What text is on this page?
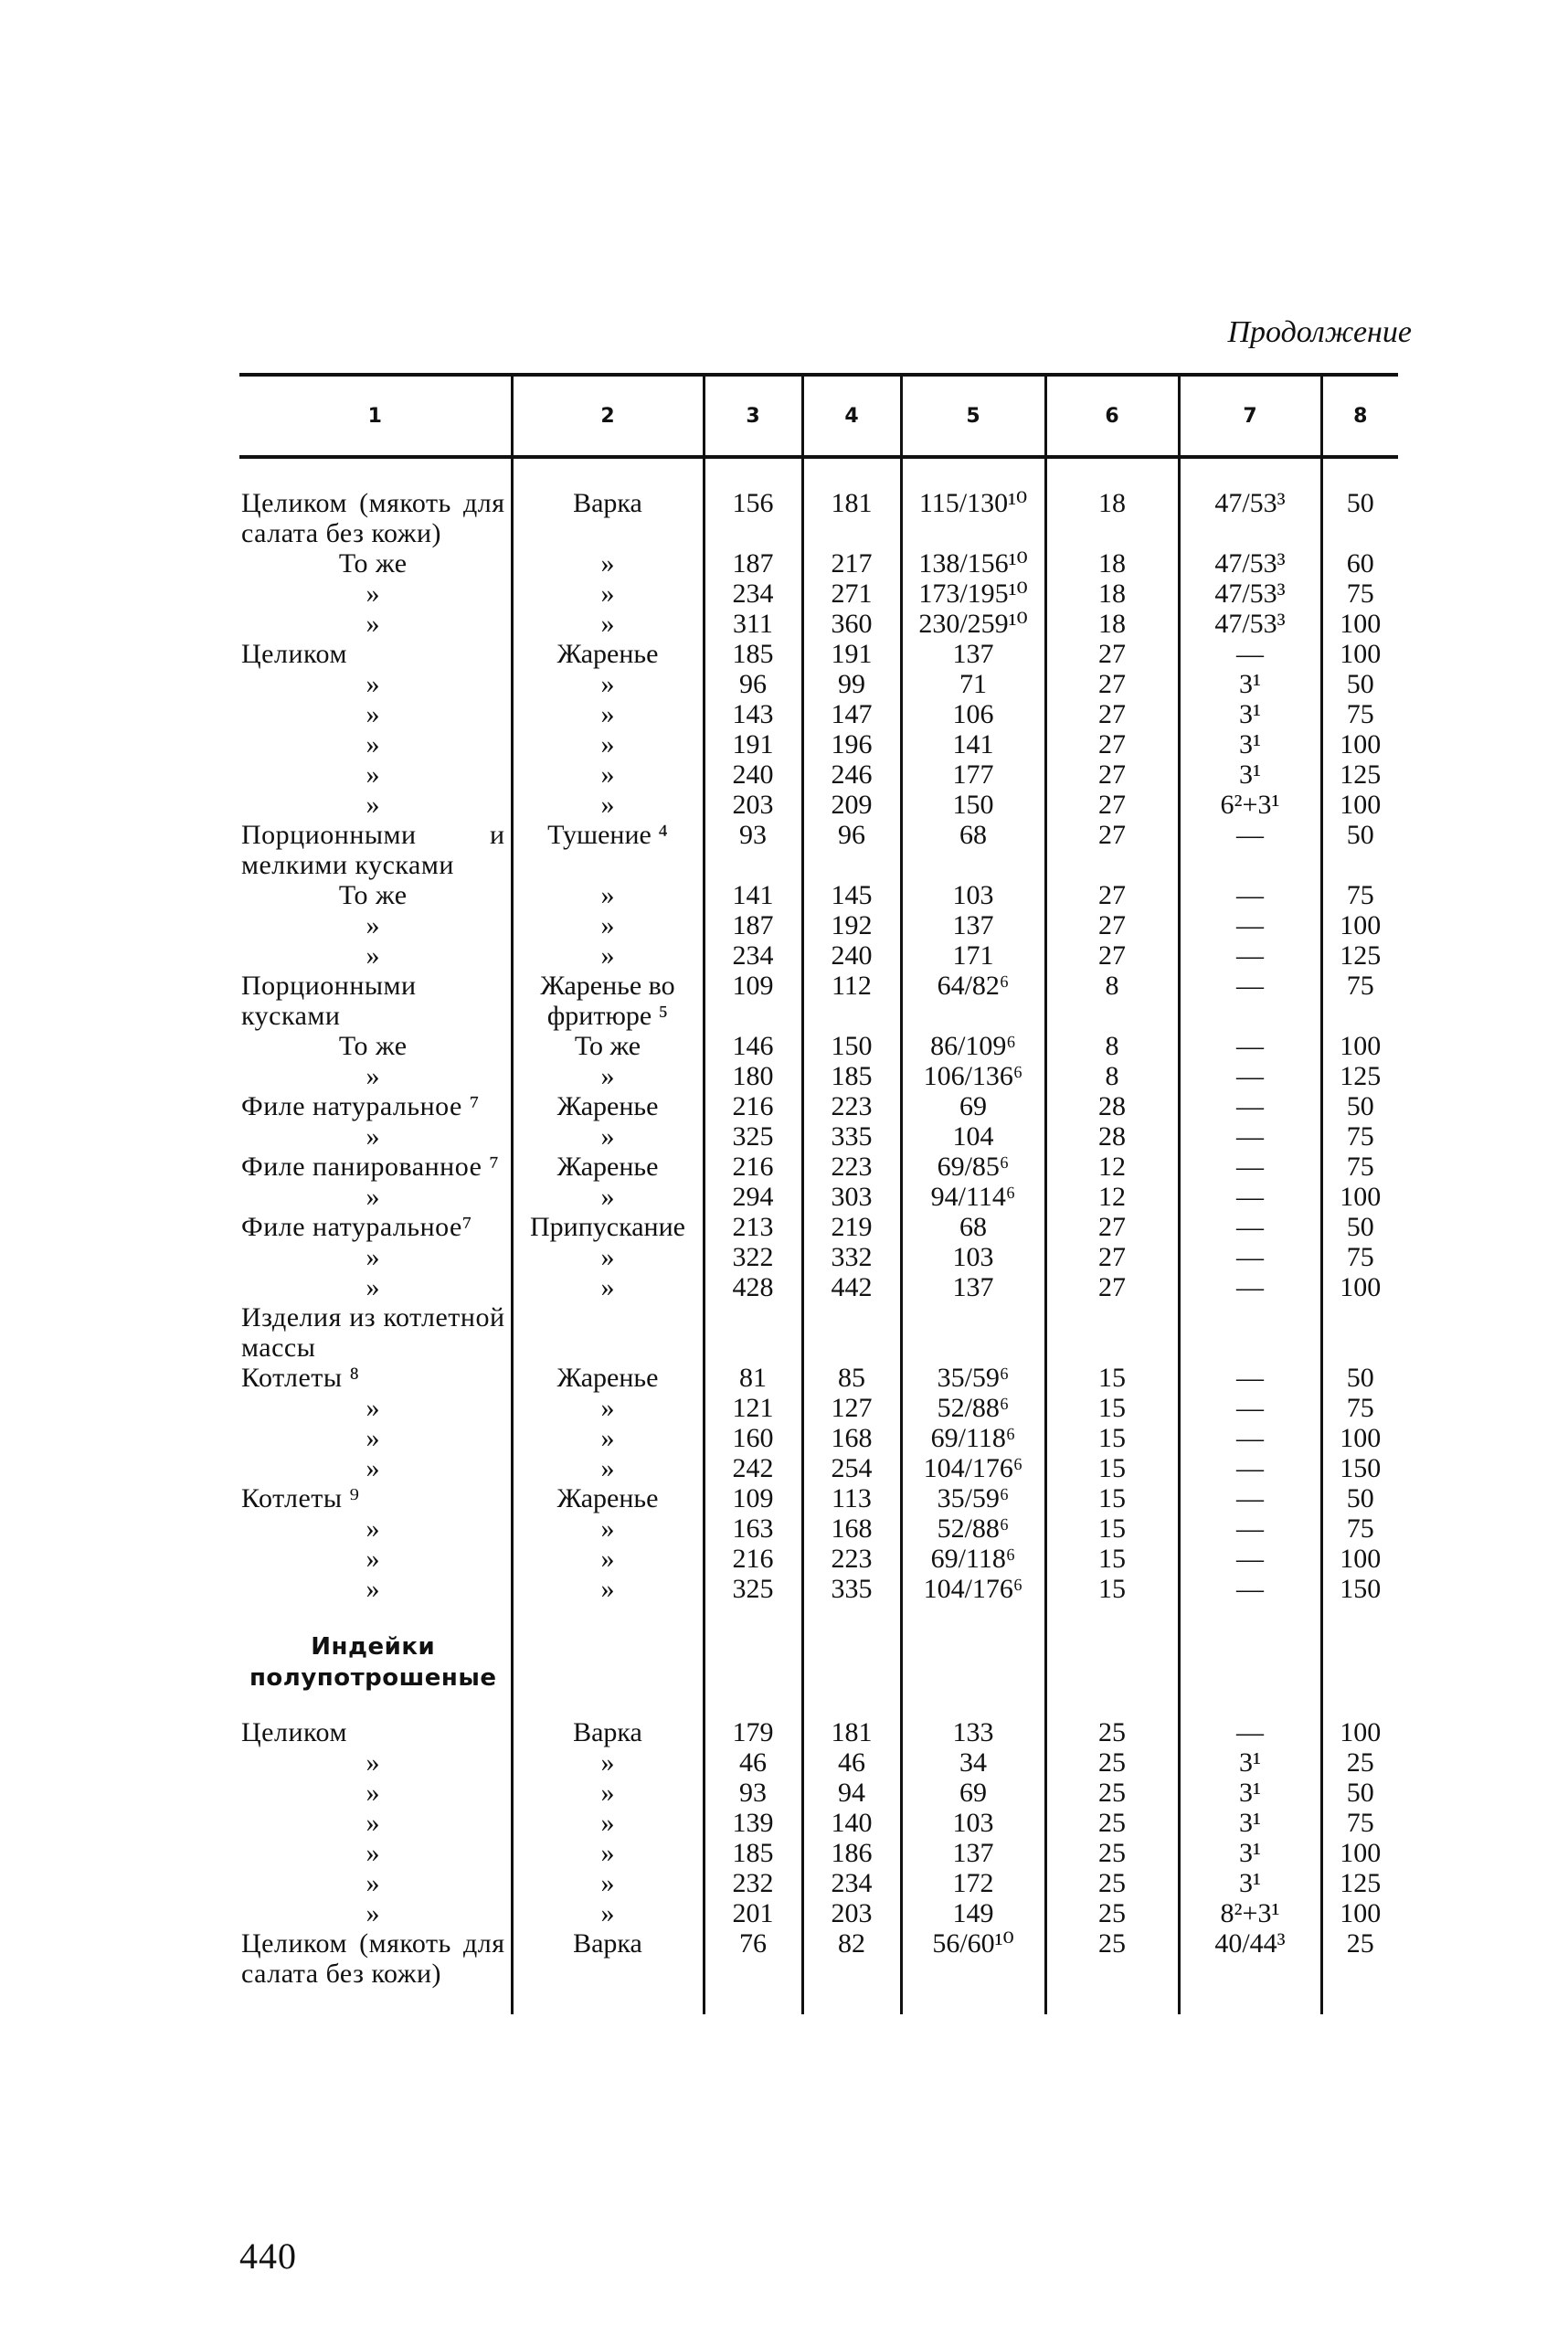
Продолжение
1	2	3	4	5	6	7	8
Целиком (мякоть для салата без кожи)	Варка	156	181	115/130¹⁰	18	47/53³	50
То же	»	187	217	138/156¹⁰	18	47/53³	60
»	»	234	271	173/195¹⁰	18	47/53³	75
»	»	311	360	230/259¹⁰	18	47/53³	100
Целиком	Жаренье	185	191	137	27	—	100
»	»	96	99	71	27	3¹	50
»	»	143	147	106	27	3¹	75
»	»	191	196	141	27	3¹	100
»	»	240	246	177	27	3¹	125
»	»	203	209	150	27	6²+3¹	100
Порционными и мелкими кусками	Тушение ⁴	93	96	68	27	—	50
То же	»	141	145	103	27	—	75
»	»	187	192	137	27	—	100
»	»	234	240	171	27	—	125
Порционными кусками	Жаренье во фритюре ⁵	109	112	64/82⁶	8	—	75
То же	То же	146	150	86/109⁶	8	—	100
»	»	180	185	106/136⁶	8	—	125
Филе натуральное ⁷	Жаренье	216	223	69	28	—	50
»	»	325	335	104	28	—	75
Филе панированное ⁷	Жаренье	216	223	69/85⁶	12	—	75
»	»	294	303	94/114⁶	12	—	100
Филе натуральное⁷	Припускание	213	219	68	27	—	50
»	»	322	332	103	27	—	75
»	»	428	442	137	27	—	100
Изделия из котлетной массы							
Котлеты ⁸	Жаренье	81	85	35/59⁶	15	—	50
»	»	121	127	52/88⁶	15	—	75
»	»	160	168	69/118⁶	15	—	100
»	»	242	254	104/176⁶	15	—	150
Котлеты ⁹	Жаренье	109	113	35/59⁶	15	—	50
»	»	163	168	52/88⁶	15	—	75
»	»	216	223	69/118⁶	15	—	100
»	»	325	335	104/176⁶	15	—	150
Индейки полупотрошеные							
Целиком	Варка	179	181	133	25	—	100
»	»	46	46	34	25	3¹	25
»	»	93	94	69	25	3¹	50
»	»	139	140	103	25	3¹	75
»	»	185	186	137	25	3¹	100
»	»	232	234	172	25	3¹	125
»	»	201	203	149	25	8²+3¹	100
Целиком (мякоть для салата без кожи)	Варка	76	82	56/60¹⁰	25	40/44³	25
440
